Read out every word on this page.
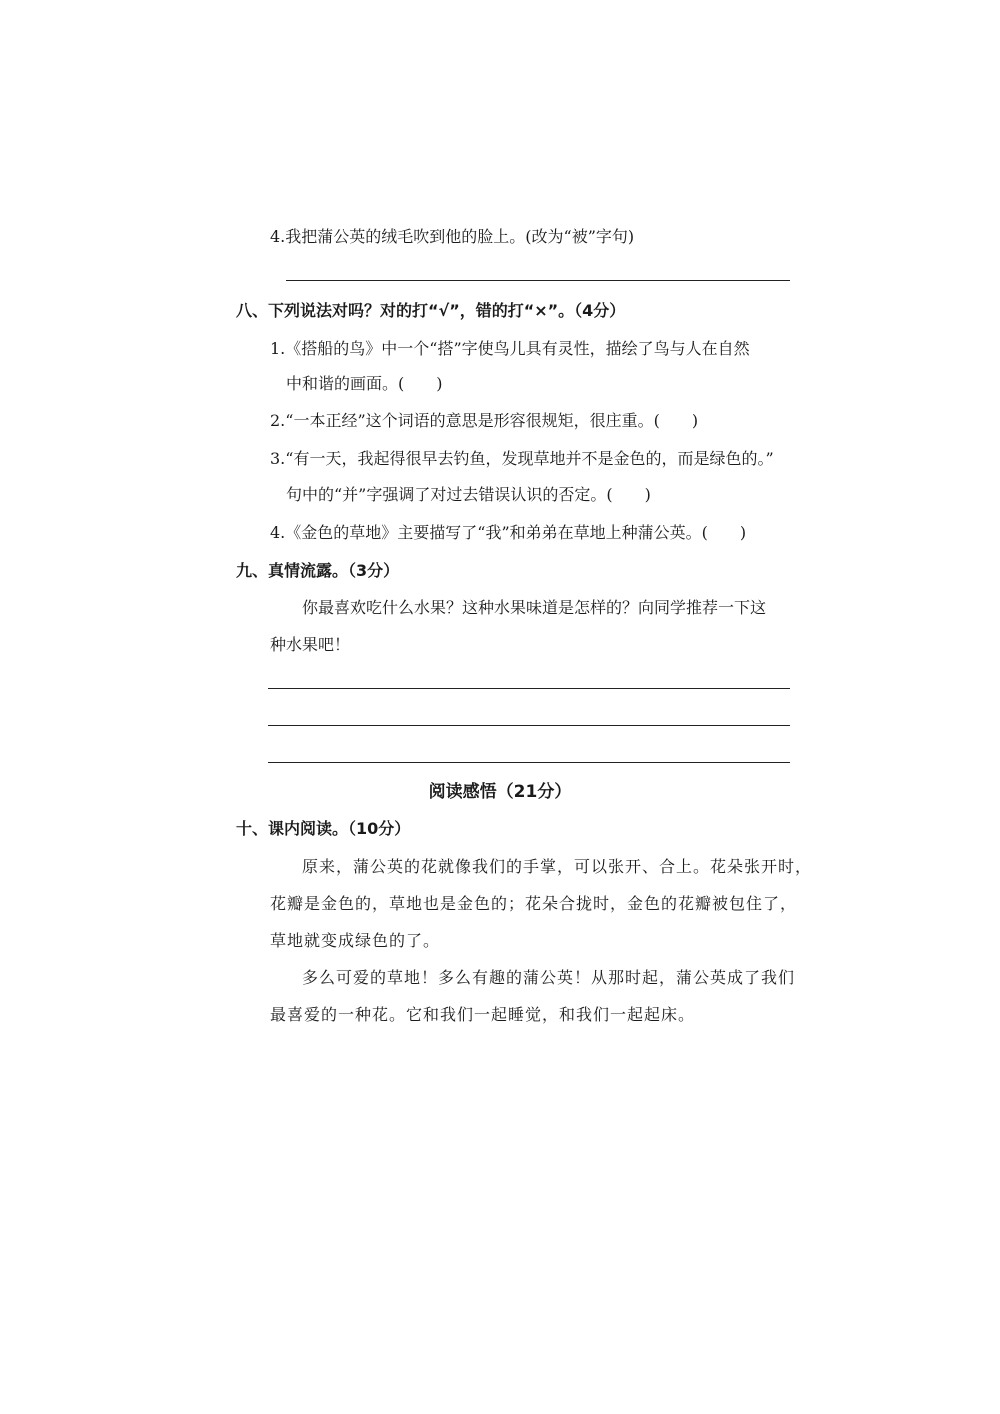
4.我把蒲公英的绒毛吹到他的脸上。(改为“被”字句)
八、下列说法对吗？对的打“√”，错的打“×”。（4分）
1.《搭船的鸟》中一个“搭”字使鸟儿具有灵性，描绘了鸟与人在自然
中和谐的画面。(　　)
2.“一本正经”这个词语的意思是形容很规矩，很庄重。(　　)
3.“有一天，我起得很早去钓鱼，发现草地并不是金色的，而是绿色的。”
句中的“并”字强调了对过去错误认识的否定。(　　)
4.《金色的草地》主要描写了“我”和弟弟在草地上种蒲公英。(　　)
九、真情流露。（3分）
你最喜欢吃什么水果？这种水果味道是怎样的？向同学推荐一下这
种水果吧！
阅读感悟（21分）
十、课内阅读。（10分）
原来，蒲公英的花就像我们的手掌，可以张开、合上。花朵张开时，
花瓣是金色的，草地也是金色的；花朵合拢时，金色的花瓣被包住了，
草地就变成绿色的了。
多么可爱的草地！多么有趣的蒲公英！从那时起，蒲公英成了我们
最喜爱的一种花。它和我们一起睡觉，和我们一起起床。
